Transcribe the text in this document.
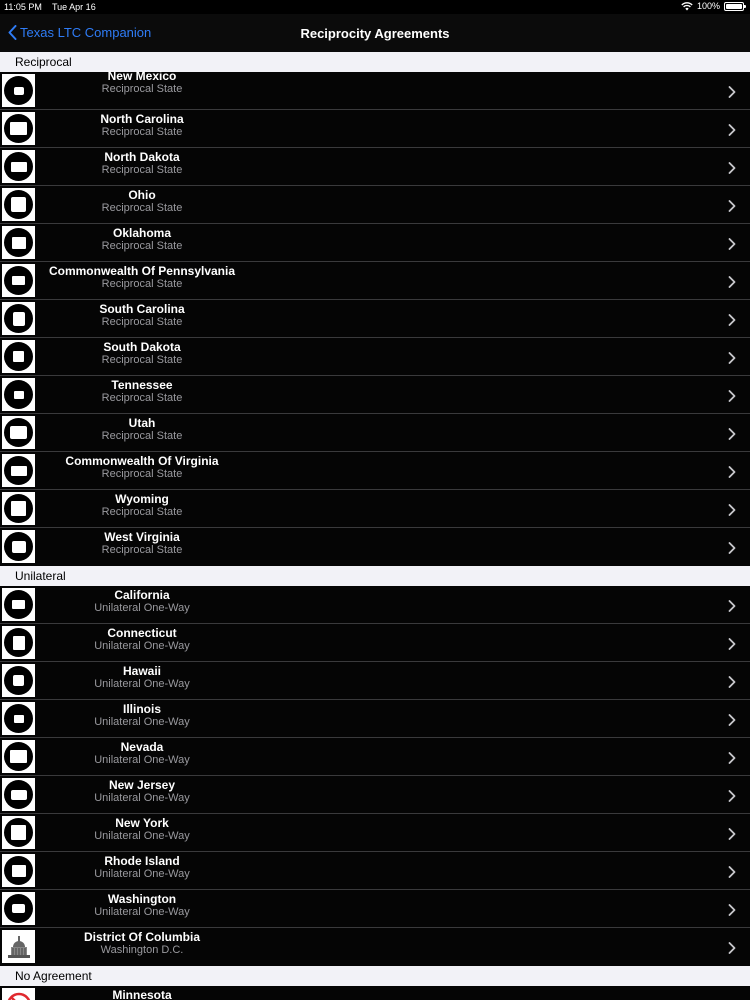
11:05 PM Tue Apr 16	100%
Texas LTC Companion	Reciprocity Agreements
Reciprocal
New Mexico
Reciprocal State
North Carolina
Reciprocal State
North Dakota
Reciprocal State
Ohio
Reciprocal State
Oklahoma
Reciprocal State
Commonwealth Of Pennsylvania
Reciprocal State
South Carolina
Reciprocal State
South Dakota
Reciprocal State
Tennessee
Reciprocal State
Utah
Reciprocal State
Commonwealth Of Virginia
Reciprocal State
Wyoming
Reciprocal State
West Virginia
Reciprocal State
Unilateral
California
Unilateral One-Way
Connecticut
Unilateral One-Way
Hawaii
Unilateral One-Way
Illinois
Unilateral One-Way
Nevada
Unilateral One-Way
New Jersey
Unilateral One-Way
New York
Unilateral One-Way
Rhode Island
Unilateral One-Way
Washington
Unilateral One-Way
District Of Columbia
Washington D.C.
No Agreement
Minnesota
